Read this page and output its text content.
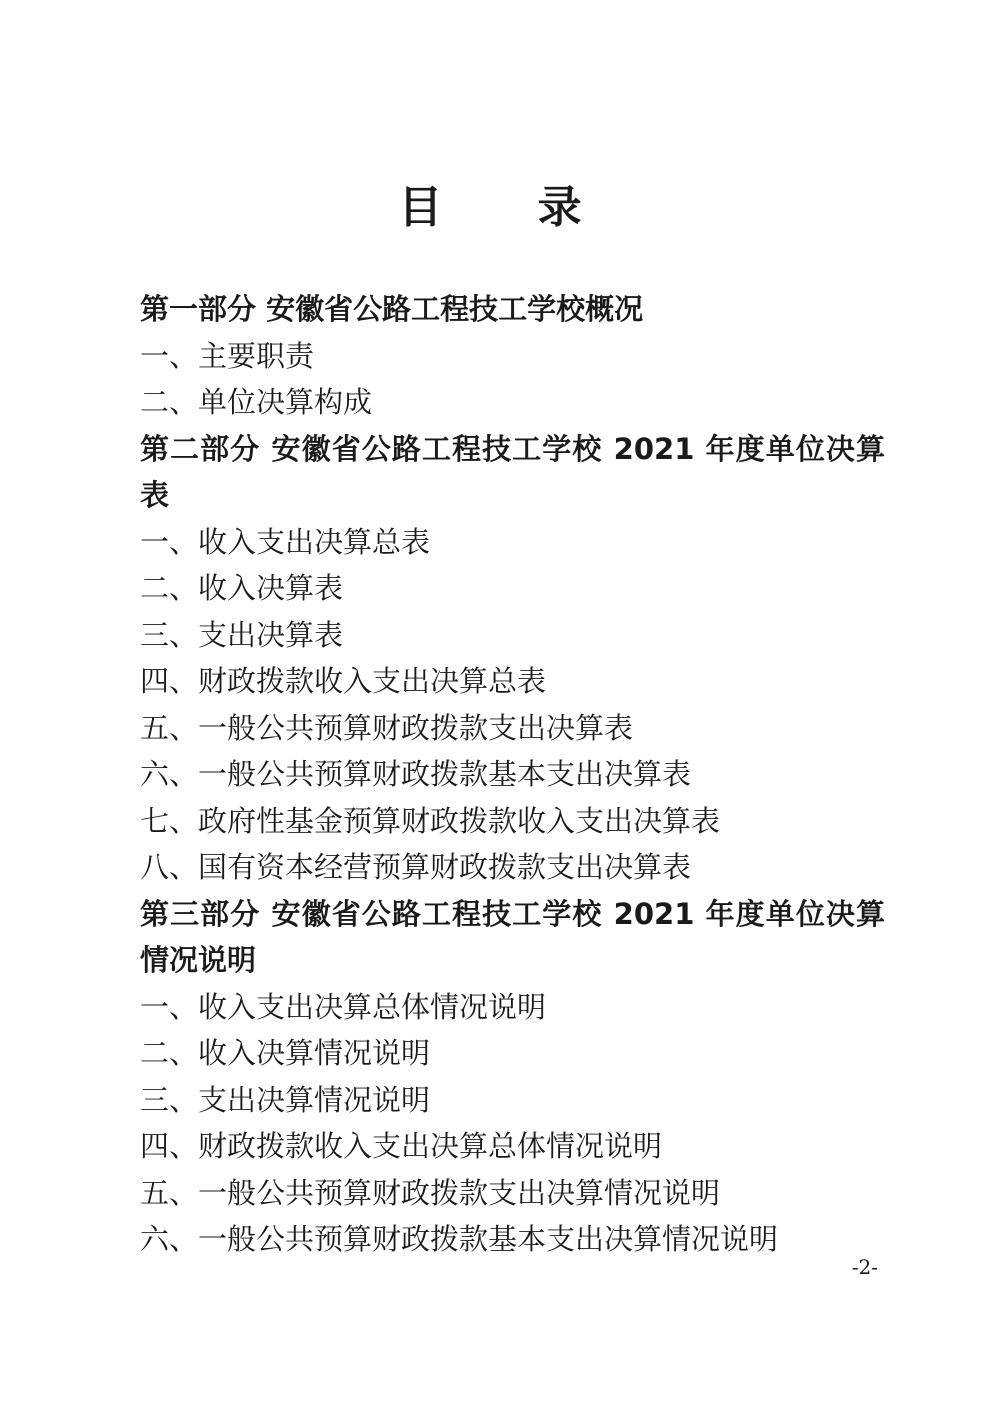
目 录
第一部分 安徽省公路工程技工学校概况
一、主要职责
二、单位决算构成
第二部分 安徽省公路工程技工学校 2021 年度单位决算表
一、收入支出决算总表
二、收入决算表
三、支出决算表
四、财政拨款收入支出决算总表
五、一般公共预算财政拨款支出决算表
六、一般公共预算财政拨款基本支出决算表
七、政府性基金预算财政拨款收入支出决算表
八、国有资本经营预算财政拨款支出决算表
第三部分 安徽省公路工程技工学校 2021 年度单位决算情况说明
一、收入支出决算总体情况说明
二、收入决算情况说明
三、支出决算情况说明
四、财政拨款收入支出决算总体情况说明
五、一般公共预算财政拨款支出决算情况说明
六、一般公共预算财政拨款基本支出决算情况说明
-2-
